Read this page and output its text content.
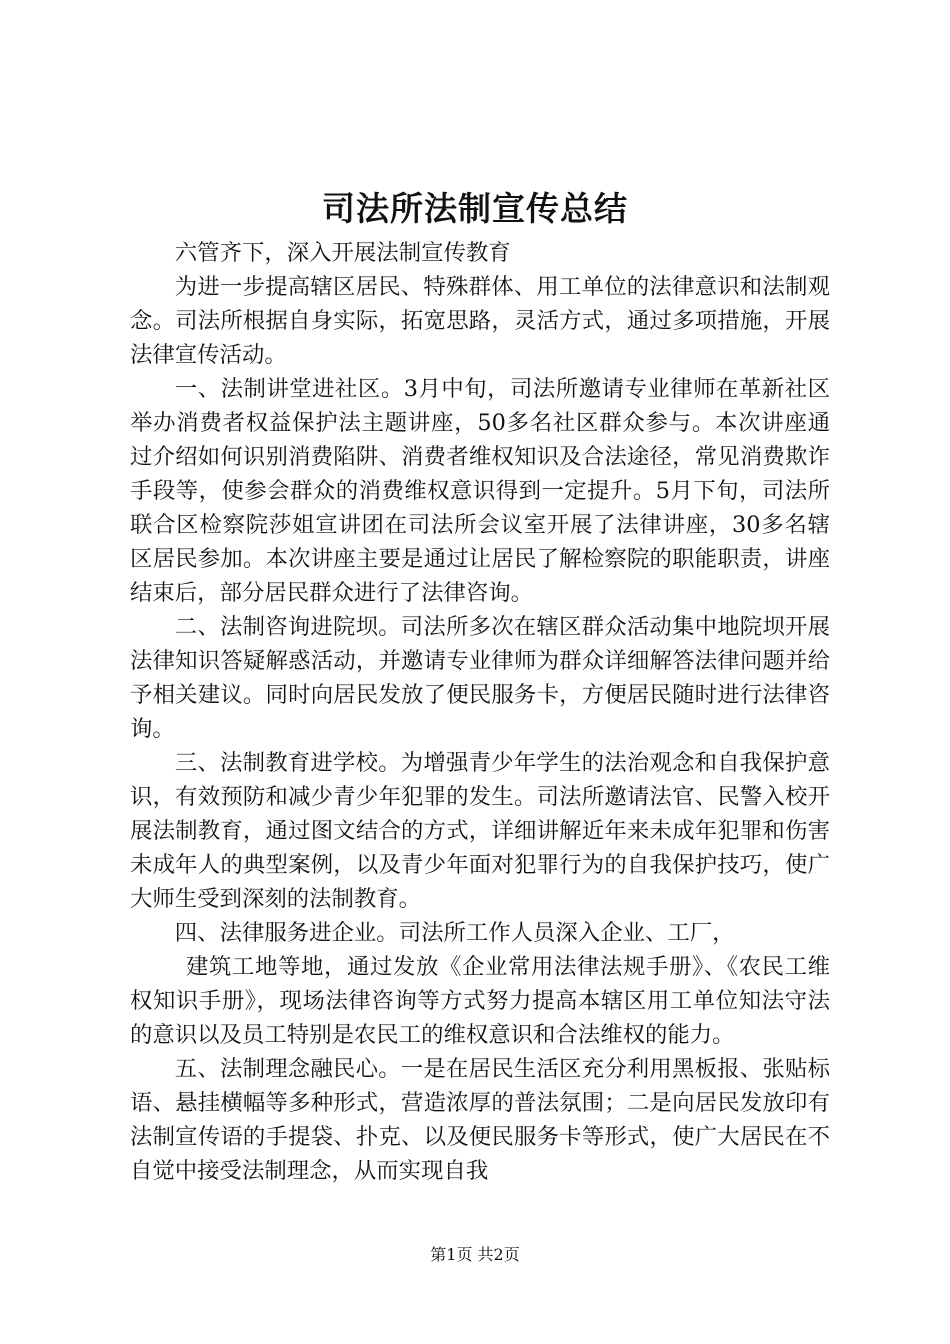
司法所法制宣传总结

六管齐下，深入开展法制宣传教育

为进一步提高辖区居民、特殊群体、用工单位的法律意识和法制观念。司法所根据自身实际，拓宽思路，灵活方式，通过多项措施，开展法律宣传活动。

一、法制讲堂进社区。3月中旬，司法所邀请专业律师在革新社区举办消费者权益保护法主题讲座，50多名社区群众参与。本次讲座通过介绍如何识别消费陷阱、消费者维权知识及合法途径，常见消费欺诈手段等，使参会群众的消费维权意识得到一定提升。5月下旬，司法所联合区检察院莎姐宣讲团在司法所会议室开展了法律讲座，30多名辖区居民参加。本次讲座主要是通过让居民了解检察院的职能职责，讲座结束后，部分居民群众进行了法律咨询。

二、法制咨询进院坝。司法所多次在辖区群众活动集中地院坝开展法律知识答疑解惑活动，并邀请专业律师为群众详细解答法律问题并给予相关建议。同时向居民发放了便民服务卡，方便居民随时进行法律咨询。

三、法制教育进学校。为增强青少年学生的法治观念和自我保护意识，有效预防和减少青少年犯罪的发生。司法所邀请法官、民警入校开展法制教育，通过图文结合的方式，详细讲解近年来未成年犯罪和伤害未成年人的典型案例，以及青少年面对犯罪行为的自我保护技巧，使广大师生受到深刻的法制教育。

四、法律服务进企业。司法所工作人员深入企业、工厂，

建筑工地等地，通过发放《企业常用法律法规手册》、《农民工维权知识手册》，现场法律咨询等方式努力提高本辖区用工单位知法守法的意识以及员工特别是农民工的维权意识和合法维权的能力。

五、法制理念融民心。一是在居民生活区充分利用黑板报、张贴标语、悬挂横幅等多种形式，营造浓厚的普法氛围；二是向居民发放印有法制宣传语的手提袋、扑克、以及便民服务卡等形式，使广大居民在不自觉中接受法制理念，从而实现自我

第1页 共2页
